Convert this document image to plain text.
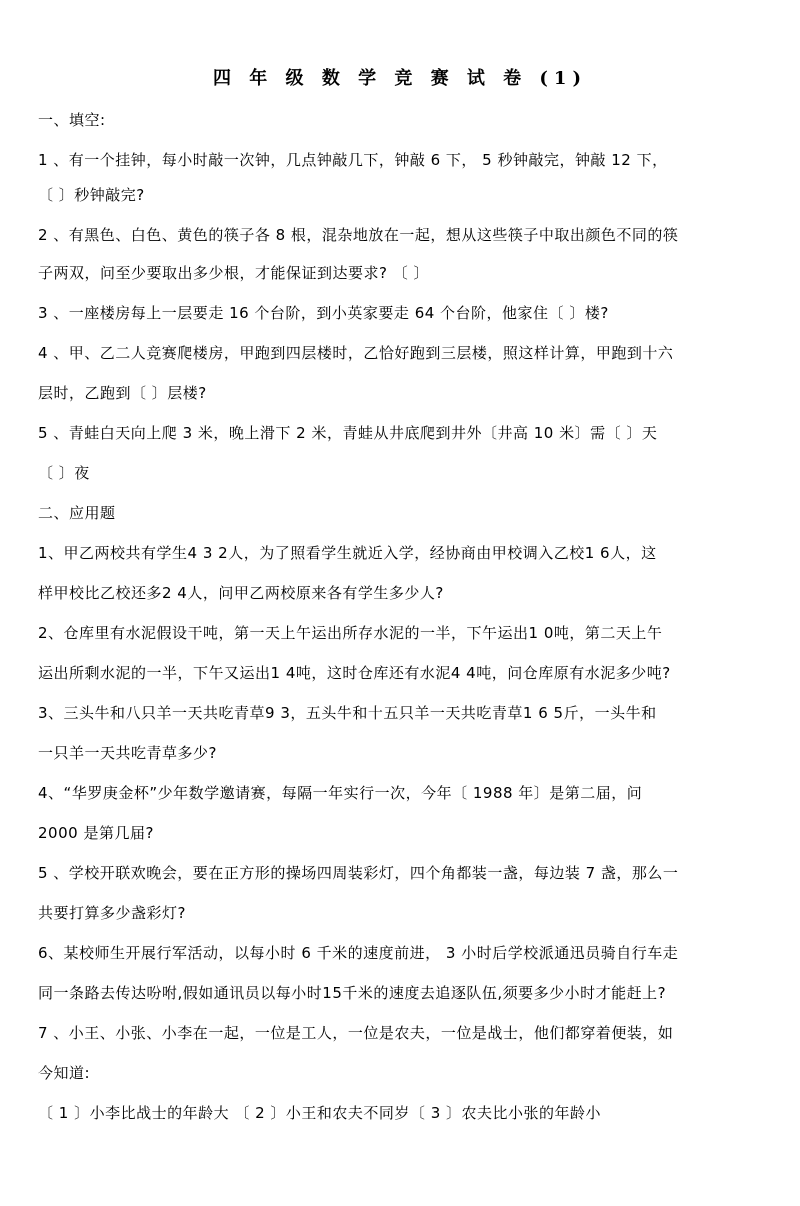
四 年 级 数 学 竞 赛 试 卷 (1)
一、填空:
1 、有一个挂钟，每小时敲一次钟，几点钟敲几下，钟敲 6 下， 5 秒钟敲完，钟敲 12 下，
〔 〕秒钟敲完?
2 、有黑色、白色、黄色的筷子各 8 根，混杂地放在一起，想从这些筷子中取出颜色不同的筷
子两双，问至少要取出多少根，才能保证到达要求? 〔 〕
3 、一座楼房每上一层要走 16 个台阶，到小英家要走 64 个台阶，他家住〔 〕楼?
4 、甲、乙二人竞赛爬楼房，甲跑到四层楼时，乙恰好跑到三层楼，照这样计算，甲跑到十六
层时，乙跑到〔 〕层楼?
5 、青蛙白天向上爬 3 米，晚上滑下 2 米，青蛙从井底爬到井外〔井高 10 米〕需〔 〕天
〔 〕夜
二、应用题
1、甲乙两校共有学生4 3 2人，为了照看学生就近入学，经协商由甲校调入乙校1 6人，这
样甲校比乙校还多2 4人，问甲乙两校原来各有学生多少人?
2、仓库里有水泥假设干吨，第一天上午运出所存水泥的一半，下午运出1 0吨，第二天上午
运出所剩水泥的一半，下午又运出1 4吨，这时仓库还有水泥4 4吨，问仓库原有水泥多少吨?
3、三头牛和八只羊一天共吃青草9 3，五头牛和十五只羊一天共吃青草1 6 5斤，一头牛和
一只羊一天共吃青草多少?
4、“华罗庚金杯”少年数学邀请赛，每隔一年实行一次，今年〔 1988 年〕是第二届，问
2000 是第几届?
5 、学校开联欢晚会，要在正方形的操场四周装彩灯，四个角都装一盏，每边装 7 盏，那么一
共要打算多少盏彩灯?
6、某校师生开展行军活动，以每小时 6 千米的速度前进， 3 小时后学校派通迅员骑自行车走
同一条路去传达吩咐,假如通讯员以每小时15千米的速度去追逐队伍,须要多少小时才能赶上?
7 、小王、小张、小李在一起，一位是工人，一位是农夫，一位是战士，他们都穿着便装，如
今知道:
〔 1 〕小李比战士的年龄大 〔 2 〕小王和农夫不同岁〔 3 〕农夫比小张的年龄小
